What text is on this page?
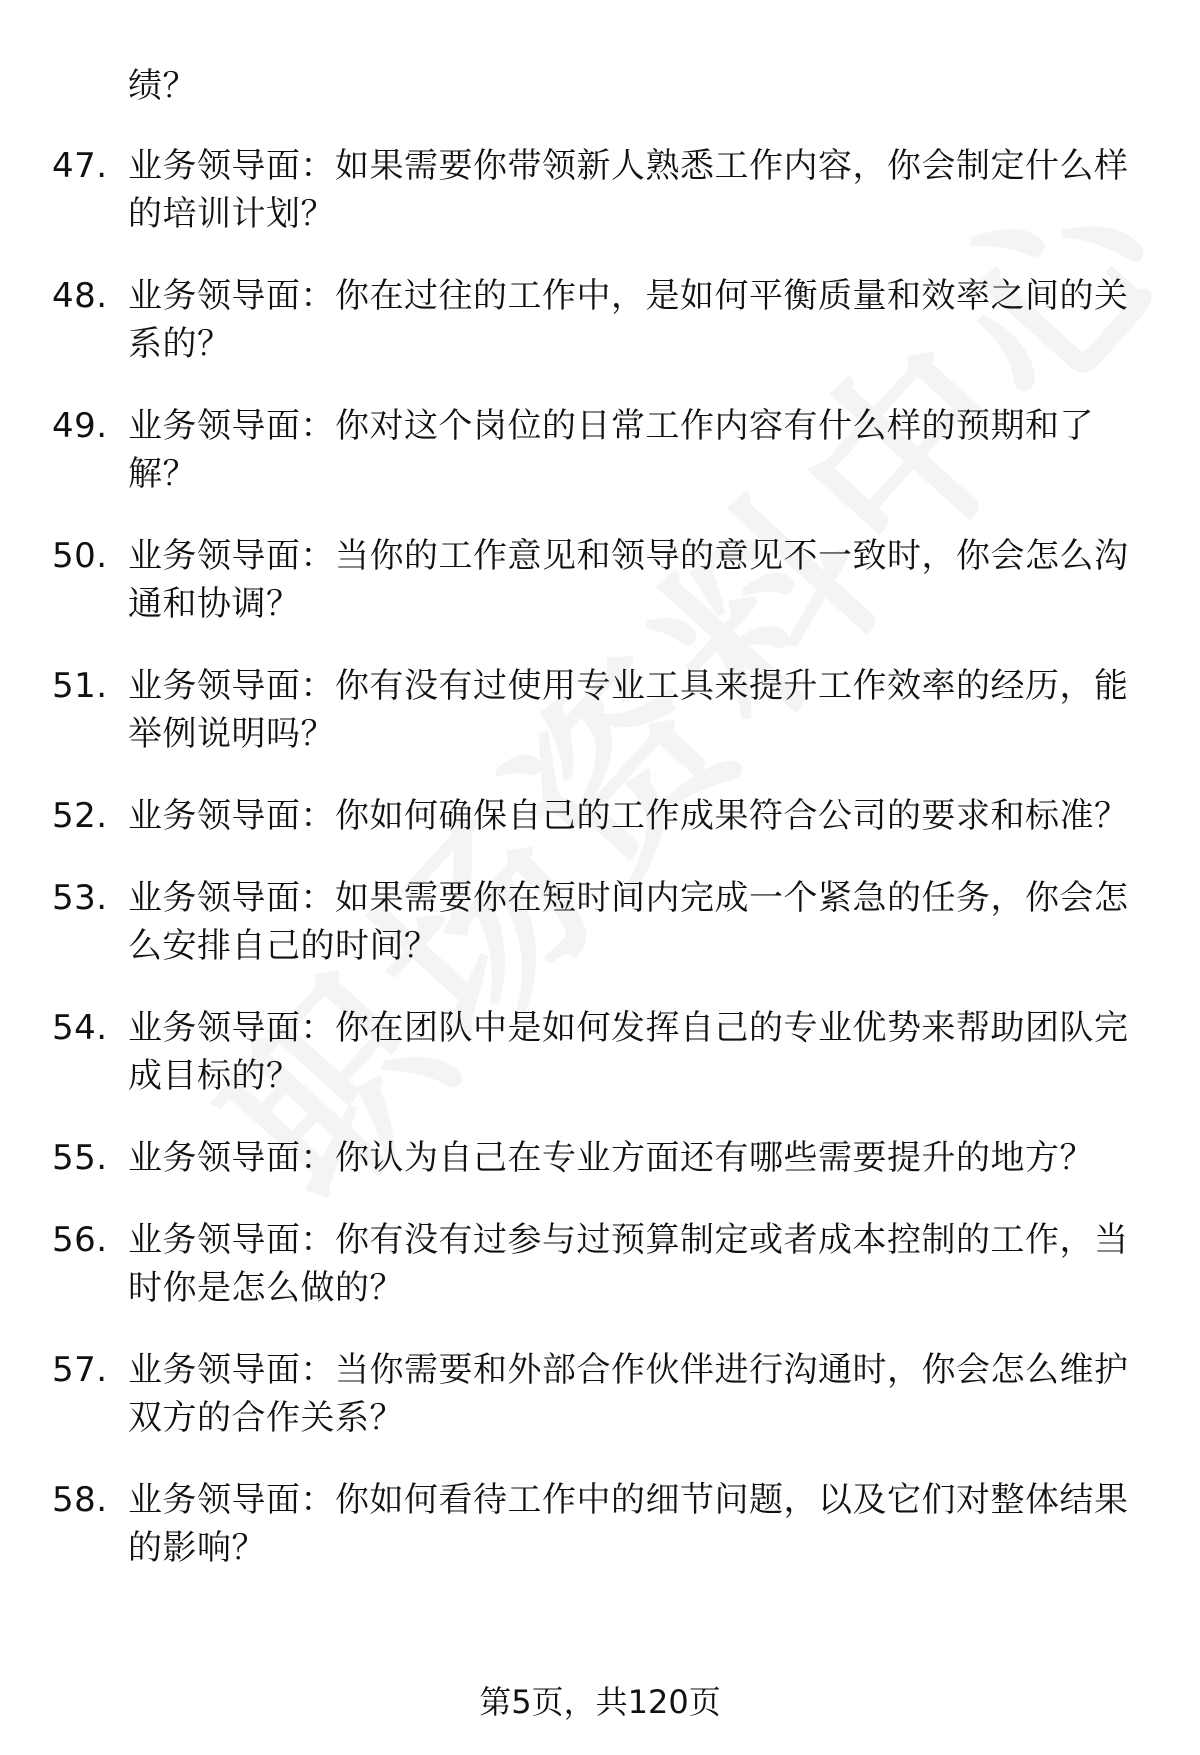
绩？
47. 业务领导面：如果需要你带领新人熟悉工作内容，你会制定什么样的培训计划？
48. 业务领导面：你在过往的工作中，是如何平衡质量和效率之间的关系的？
49. 业务领导面：你对这个岗位的日常工作内容有什么样的预期和了解？
50. 业务领导面：当你的工作意见和领导的意见不一致时，你会怎么沟通和协调？
51. 业务领导面：你有没有过使用专业工具来提升工作效率的经历，能举例说明吗？
52. 业务领导面：你如何确保自己的工作成果符合公司的要求和标准？
53. 业务领导面：如果需要你在短时间内完成一个紧急的任务，你会怎么安排自己的时间？
54. 业务领导面：你在团队中是如何发挥自己的专业优势来帮助团队完成目标的？
55. 业务领导面：你认为自己在专业方面还有哪些需要提升的地方？
56. 业务领导面：你有没有过参与过预算制定或者成本控制的工作，当时你是怎么做的？
57. 业务领导面：当你需要和外部合作伙伴进行沟通时，你会怎么维护双方的合作关系？
58. 业务领导面：你如何看待工作中的细节问题，以及它们对整体结果的影响？
第5页，共120页
